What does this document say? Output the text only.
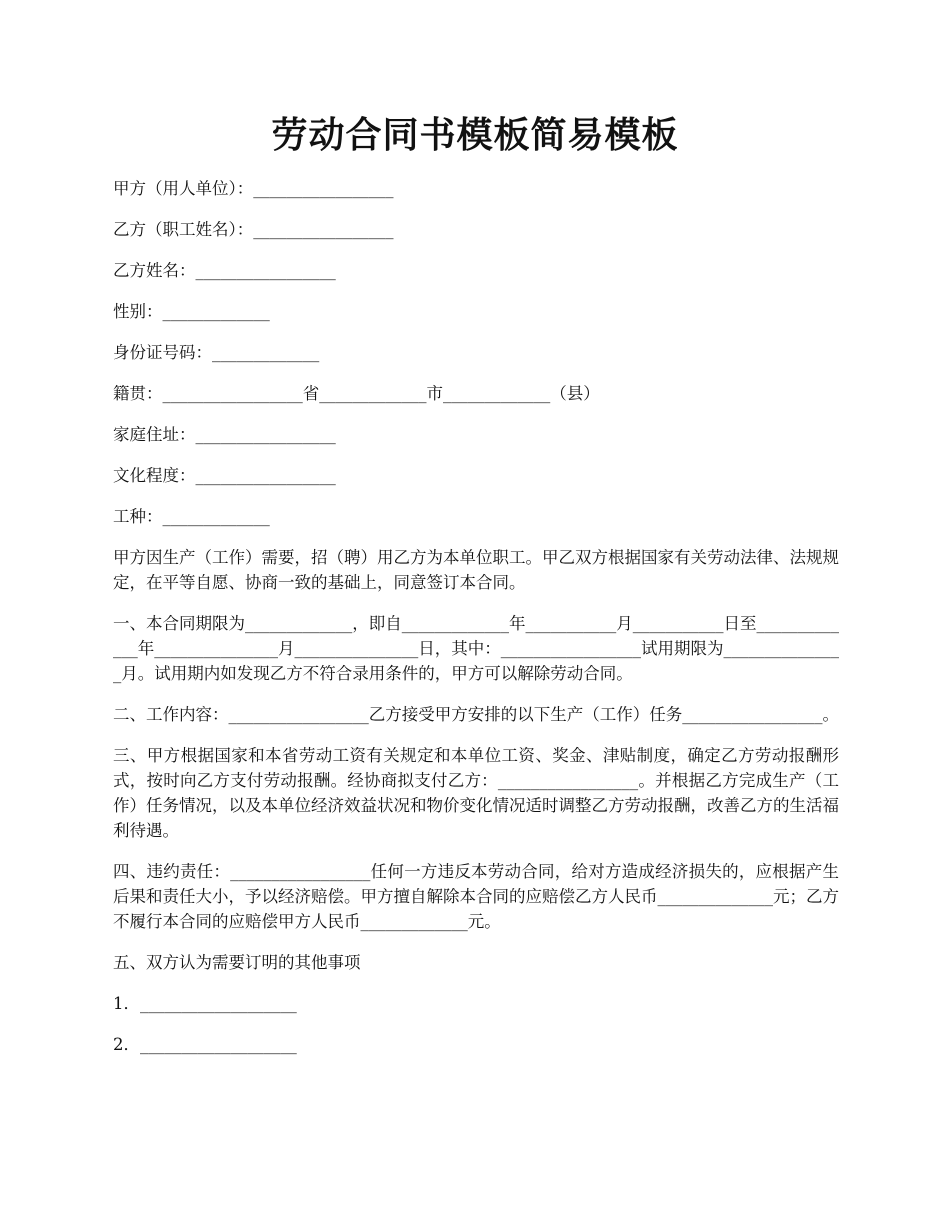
劳动合同书模板简易模板
甲方（用人单位）：_________________
乙方（职工姓名）：_________________
乙方姓名：_________________
性别：_____________
身份证号码：_____________
籍贯：_________________省_____________市_____________（县）
家庭住址：_________________
文化程度：_________________
工种：_____________
甲方因生产（工作）需要，招（聘）用乙方为本单位职工。甲乙双方根据国家有关劳动法律、法规规定，在平等自愿、协商一致的基础上，同意签订本合同。
一、本合同期限为_____________，即自_____________年___________月___________日至_____________年_______________月_______________日，其中：_________________试用期限为_______________月。试用期内如发现乙方不符合录用条件的，甲方可以解除劳动合同。
二、工作内容：_________________乙方接受甲方安排的以下生产（工作）任务_________________。
三、甲方根据国家和本省劳动工资有关规定和本单位工资、奖金、津贴制度，确定乙方劳动报酬形式，按时向乙方支付劳动报酬。经协商拟支付乙方：_________________。并根据乙方完成生产（工作）任务情况，以及本单位经济效益状况和物价变化情况适时调整乙方劳动报酬，改善乙方的生活福利待遇。
四、违约责任：_________________任何一方违反本劳动合同，给对方造成经济损失的，应根据产生后果和责任大小，予以经济赔偿。甲方擅自解除本合同的应赔偿乙方人民币______________元；乙方不履行本合同的应赔偿甲方人民币_____________元。
五、双方认为需要订明的其他事项
1．___________________
2．___________________
